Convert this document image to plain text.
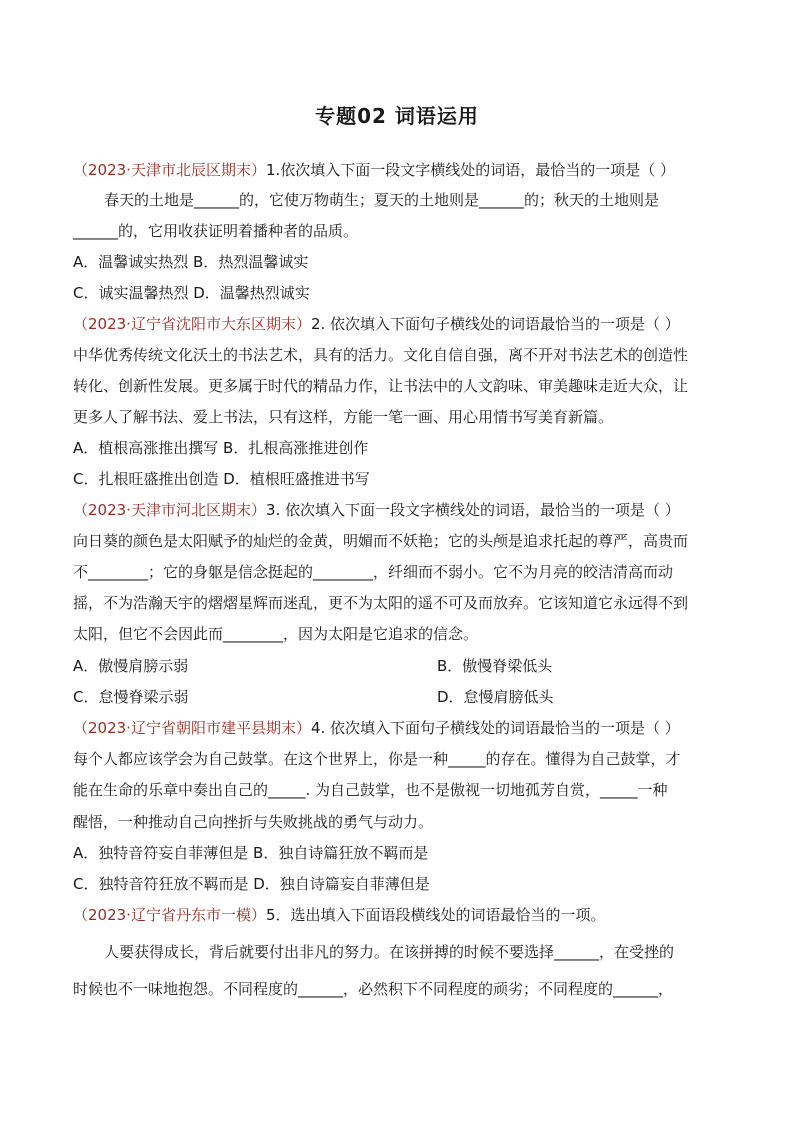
专题02 词语运用
（2023·天津市北辰区期末）1.依次填入下面一段文字横线处的词语，最恰当的一项是（ ）
春天的土地是______的，它使万物萌生；夏天的土地则是______的；秋天的土地则是
______的，它用收获证明着播种者的品质。
A．温馨诚实热烈 B．热烈温馨诚实
C．诚实温馨热烈 D．温馨热烈诚实
（2023·辽宁省沈阳市大东区期末）2. 依次填入下面句子横线处的词语最恰当的一项是（ ）
中华优秀传统文化沃土的书法艺术，具有的活力。文化自信自强，离不开对书法艺术的创造性
转化、创新性发展。更多属于时代的精品力作，让书法中的人文韵味、审美趣味走近大众，让
更多人了解书法、爱上书法，只有这样，方能一笔一画、用心用情书写美育新篇。
A．植根高涨推出撰写 B．扎根高涨推进创作
C．扎根旺盛推出创造 D．植根旺盛推进书写
（2023·天津市河北区期末）3. 依次填入下面一段文字横线处的词语，最恰当的一项是（ ）
向日葵的颜色是太阳赋予的灿烂的金黄，明媚而不妖艳；它的头颅是追求托起的尊严，高贵而
不________；它的身躯是信念挺起的________，纤细而不弱小。它不为月亮的皎洁清高而动
摇，不为浩瀚天宇的熠熠星辉而迷乱，更不为太阳的遥不可及而放弃。它该知道它永远得不到
太阳，但它不会因此而________，因为太阳是它追求的信念。
A．傲慢肩膀示弱	B．傲慢脊梁低头
C．怠慢脊梁示弱	D．怠慢肩膀低头
（2023·辽宁省朝阳市建平县期末）4. 依次填入下面句子横线处的词语最恰当的一项是（ ）
每个人都应该学会为自己鼓掌。在这个世界上，你是一种_____的存在。懂得为自己鼓掌，才
能在生命的乐章中奏出自己的_____. 为自己鼓掌，也不是傲视一切地孤芳自赏，_____一种
醒悟，一种推动自己向挫折与失败挑战的勇气与动力。
A．独特音符妄自菲薄但是 B．独自诗篇狂放不羁而是
C．独特音符狂放不羁而是 D．独自诗篇妄自菲薄但是
（2023·辽宁省丹东市一模）5．选出填入下面语段横线处的词语最恰当的一项。
人要获得成长，背后就要付出非凡的努力。在该拼搏的时候不要选择______，在受挫的
时候也不一味地抱怨。不同程度的______，必然积下不同程度的顽劣；不同程度的______，
